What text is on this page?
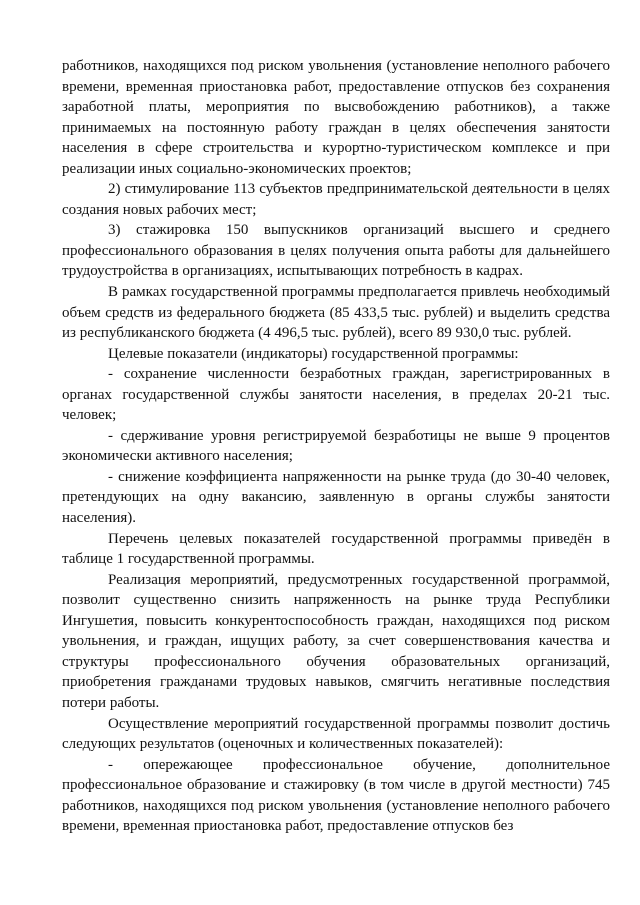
работников, находящихся под риском увольнения (установление неполного рабочего времени, временная приостановка работ, предоставление отпусков без сохранения заработной платы, мероприятия по высвобождению работников), а также принимаемых на постоянную работу граждан в целях обеспечения занятости населения в сфере строительства и курортно-туристическом комплексе и при реализации иных социально-экономических проектов;

2) стимулирование 113 субъектов предпринимательской деятельности в целях создания новых рабочих мест;

3) стажировка 150 выпускников организаций высшего и среднего профессионального образования в целях получения опыта работы для дальнейшего трудоустройства в организациях, испытывающих потребность в кадрах.

В рамках государственной программы предполагается привлечь необходимый объем средств из федерального бюджета (85 433,5 тыс. рублей) и выделить средства из республиканского бюджета (4 496,5 тыс. рублей), всего 89 930,0 тыс. рублей.

Целевые показатели (индикаторы) государственной программы:

- сохранение численности безработных граждан, зарегистрированных в органах государственной службы занятости населения, в пределах 20-21 тыс. человек;

- сдерживание уровня регистрируемой безработицы не выше 9 процентов экономически активного населения;

- снижение коэффициента напряженности на рынке труда (до 30-40 человек, претендующих на одну вакансию, заявленную в органы службы занятости населения).

Перечень целевых показателей государственной программы приведён в таблице 1 государственной программы.

Реализация мероприятий, предусмотренных государственной программой, позволит существенно снизить напряженность на рынке труда Республики Ингушетия, повысить конкурентоспособность граждан, находящихся под риском увольнения, и граждан, ищущих работу, за счет совершенствования качества и структуры профессионального обучения образовательных организаций, приобретения гражданами трудовых навыков, смягчить негативные последствия потери работы.

Осуществление мероприятий государственной программы позволит достичь следующих результатов (оценочных и количественных показателей):

- опережающее профессиональное обучение, дополнительное профессиональное образование и стажировку (в том числе в другой местности) 745 работников, находящихся под риском увольнения (установление неполного рабочего времени, временная приостановка работ, предоставление отпусков без
